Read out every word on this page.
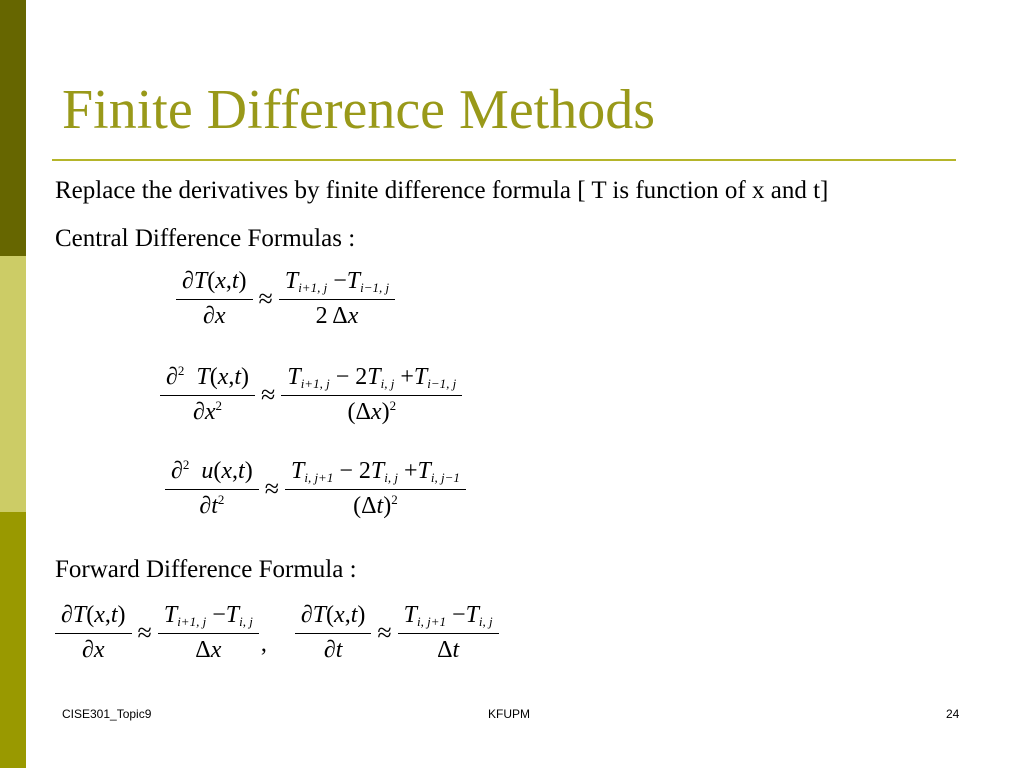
Finite Difference Methods
Replace the derivatives by finite difference formula [ T is function of x and t]
Central Difference Formulas :
$\frac{\partial T(x,t)}{\partial x} \approx \frac{T_{i+1, j} -T_{i-1, j}}{2 \Delta x}$
$\frac{\partial^2 T(x,t)}{\partial x^2} \approx \frac{T_{i+1, j} - 2T_{i, j} +T_{i-1, j}}{(\Delta x)^2}$
$\frac{\partial^2 u(x,t)}{\partial t^2} \approx \frac{T_{i, j+1} - 2T_{i, j} +T_{i, j-1}}{(\Delta t)^2}$
Forward Difference Formula :
$\frac{\partial T(x,t)}{\partial x} \approx \frac{T_{i+1, j} -T_{i, j}}{\Delta x}$ , $\frac{\partial T(x,t)}{\partial t} \approx \frac{T_{i, j+1} -T_{i, j}}{\Delta t}$
CISE301_Topic9	KFUPM	24
